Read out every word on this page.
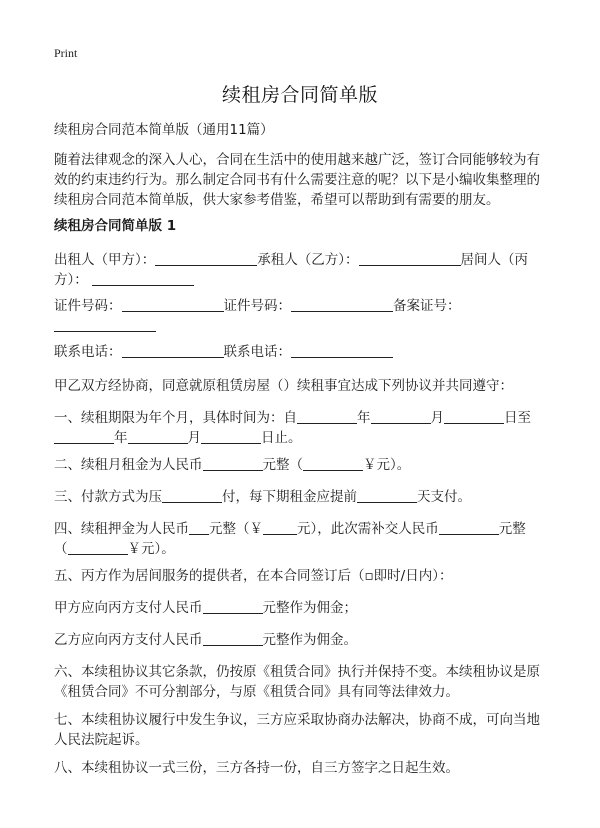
Print
续租房合同简单版
续租房合同范本简单版（通用11篇）
随着法律观念的深入人心，合同在生活中的使用越来越广泛，签订合同能够较为有效的约束违约行为。那么制定合同书有什么需要注意的呢？以下是小编收集整理的续租房合同范本简单版，供大家参考借鉴，希望可以帮助到有需要的朋友。
续租房合同简单版 1
出租人（甲方）：	承租人（乙方）：	居间人（丙
方）：
证件号码：	证件号码：	备案证号：

联系电话：	联系电话：
甲乙双方经协商，同意就原租赁房屋（）续租事宜达成下列协议并共同遵守：
一、续租期限为年个月，具体时间为：自	年	月	日至
年	月	日止。
二、续租月租金为人民币	元整（	￥元）。
三、付款方式为压	付，每下期租金应提前	天支付。
四、续租押金为人民币 元整（￥	元），此次需补交人民币	元整
（	￥元）。
五、丙方作为居间服务的提供者，在本合同签订后（▫即时/日内）：
甲方应向丙方支付人民币	元整作为佣金；
乙方应向丙方支付人民币	元整作为佣金。
六、本续租协议其它条款，仍按原《租赁合同》执行并保持不变。本续租协议是原《租赁合同》不可分割部分，与原《租赁合同》具有同等法律效力。
七、本续租协议履行中发生争议，三方应采取协商办法解决，协商不成，可向当地人民法院起诉。
八、本续租协议一式三份，三方各持一份，自三方签字之日起生效。
